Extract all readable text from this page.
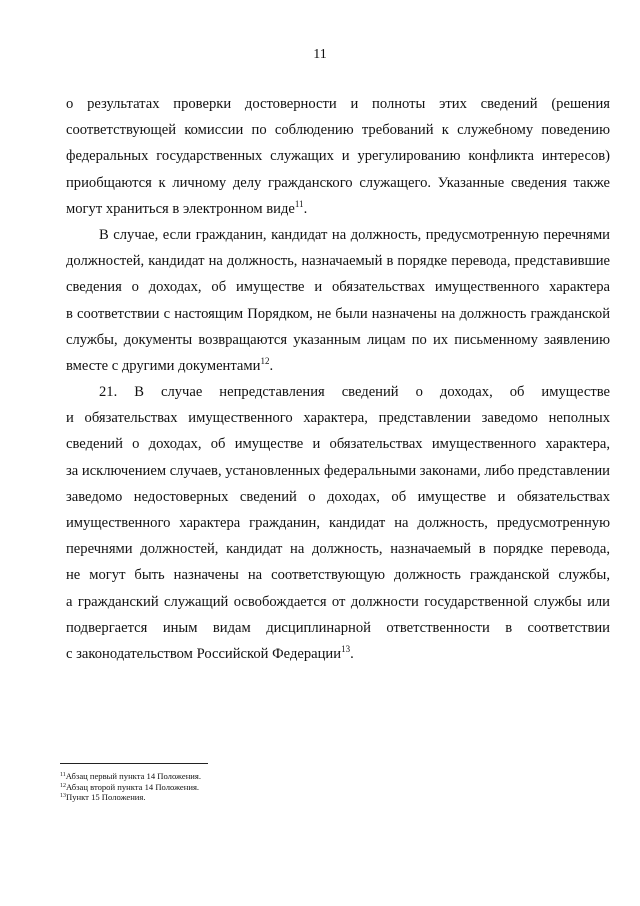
11
о результатах проверки достоверности и полноты этих сведений (решения
соответствующей комиссии по соблюдению требований к служебному поведению
федеральных государственных служащих и урегулированию конфликта интересов)
приобщаются к личному делу гражданского служащего. Указанные сведения также
могут храниться в электронном виде$^{11}$.
В случае, если гражданин, кандидат на должность, предусмотренную перечнями
должностей, кандидат на должность, назначаемый в порядке перевода, представившие
сведения о доходах, об имуществе и обязательствах имущественного характера
в соответствии с настоящим Порядком, не были назначены на должность гражданской
службы, документы возвращаются указанным лицам по их письменному заявлению
вместе с другими документами$^{12}$.
21. В случае непредставления сведений о доходах, об имуществе
и обязательствах имущественного характера, представлении заведомо неполных
сведений о доходах, об имуществе и обязательствах имущественного характера,
за исключением случаев, установленных федеральными законами, либо представлении
заведомо недостоверных сведений о доходах, об имуществе и обязательствах
имущественного характера гражданин, кандидат на должность, предусмотренную
перечнями должностей, кандидат на должность, назначаемый в порядке перевода,
не могут быть назначены на соответствующую должность гражданской службы,
а гражданский служащий освобождается от должности государственной службы или
подвергается иным видам дисциплинарной ответственности в соответствии
с законодательством Российской Федерации$^{13}$.
$^{11}$Абзац первый пункта 14 Положения.
$^{12}$Абзац второй пункта 14 Положения.
$^{13}$Пункт 15 Положения.
